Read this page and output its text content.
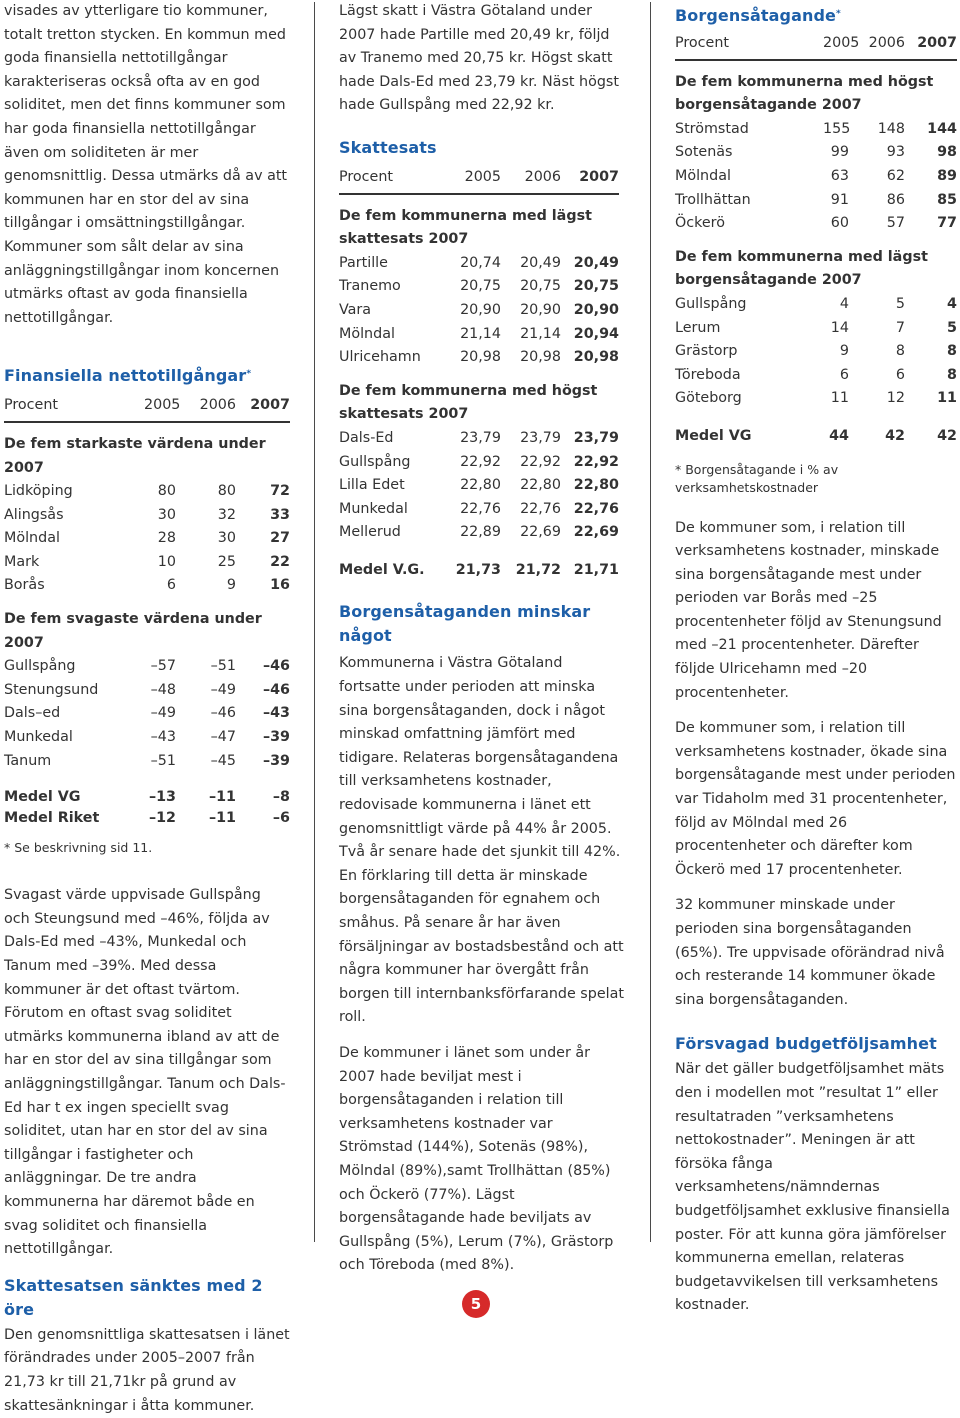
visades av ytterligare tio kommuner, totalt tretton stycken. En kommun med goda finansiella nettotillgångar karakteriseras också ofta av en god soliditet, men det finns kommuner som har goda finansiella nettotillgångar även om soliditeten är mer genomsnittlig. Dessa utmärks då av att kommunen har en stor del av sina tillgångar i omsättningstillgångar.

Kommuner som sålt delar av sina anläggningstillgångar inom koncernen utmärks oftast av goda finansiella nettotillgångar.

Finansiella nettotillgångar*
Procent	2005	2006 2007
De fem starkaste värdena under 2007
Lidköping	80	80	72
Alingsås	30	32	33
Mölndal	28	30	27
Mark	10	25	22
Borås	6	9	16
De fem svagaste värdena under 2007
Gullspång	–57	–51	–46
Stenungsund	–48	–49	–46
Dals–ed	–49	–46	–43
Munkedal	–43	–47	–39
Tanum	–51	–45	–39
Medel VG	–13	–11	–8
Medel Riket	–12	–11	–6
* Se beskrivning sid 11.

Svagast värde uppvisade Gullspång och Steungsund med –46%, följda av Dals-Ed med –43%, Munkedal och Tanum med –39%. Med dessa kommuner är det oftast tvärtom. Förutom en oftast svag soliditet utmärks kommunerna ibland av att de har en stor del av sina tillgångar som anläggningstillgångar. Tanum och Dals-Ed har t ex ingen speciellt svag soliditet, utan har en stor del av sina tillgångar i fastigheter och anläggningar. De tre andra kommunerna har däremot både en svag soliditet och finansiella nettotillgångar.

Skattesatsen sänktes med 2 öre

Den genomsnittliga skattesatsen i länet förändrades under 2005–2007 från 21,73 kr till 21,71kr på grund av skattesänkningar i åtta kommuner.

Lägst skatt i Västra Götaland under 2007 hade Partille med 20,49 kr, följd av Tranemo med 20,75 kr. Högst skatt hade Dals-Ed med 23,79 kr. Näst högst hade Gullspång med 22,92 kr.

Skattesats
Procent	2005	2006	2007
De fem kommunerna med lägst skattesats 2007
Partille	20,74	20,49 20,49
Tranemo	20,75	20,75 20,75
Vara	20,90	20,90 20,90
Mölndal	21,14	21,14 20,94
Ulricehamn	20,98	20,98 20,98
De fem kommunerna med högst skattesats 2007
Dals-Ed	23,79	23,79 23,79
Gullspång	22,92	22,92 22,92
Lilla Edet	22,80	22,80 22,80
Munkedal	22,76	22,76 22,76
Mellerud	22,89	22,69 22,69
Medel V.G.	21,73	21,72 21,71
Borgensåtaganden minskar något

Kommunerna i Västra Götaland fortsatte under perioden att minska sina borgensåtaganden, dock i något minskad omfattning jämfört med tidigare. Relateras borgensåtagandena till verksamhetens kostnader, redovisade kommunerna i länet ett genomsnittligt värde på 44% år 2005. Två år senare hade det sjunkit till 42%. En förklaring till detta är minskade borgensåtaganden för egnahem och småhus. På senare år har även försäljningar av bostadsbestånd och att några kommuner har övergått från borgen till internbanksförfarande spelat roll.

De kommuner i länet som under år 2007 hade beviljat mest i borgensåtaganden i relation till verksamhetens kostnader var Strömstad (144%), Sotenäs (98%), Mölndal (89%),samt Trollhättan (85%) och Öckerö (77%). Lägst borgensåtagande hade beviljats av Gullspång (5%), Lerum (7%), Grästorp och Töreboda (med 8%).

Borgensåtagande*
Procent	2005 2006 2007
De fem kommunerna med högst borgensåtagande 2007
Strömstad	155	148	144
Sotenäs	99	93	98
Mölndal	63	62	89
Trollhättan	91	86	85
Öckerö	60	57	77
De fem kommunerna med lägst borgensåtagande 2007
Gullspång	4	5	4
Lerum	14	7	5
Grästorp	9	8	8
Töreboda	6	6	8
Göteborg	11	12	11
Medel VG	44	42	42
* Borgensåtagande i % av verksamhetskostnader

De kommuner som, i relation till verksamhetens kostnader, minskade sina borgensåtagande mest under perioden var Borås med –25 procentenheter följd av Stenungsund med –21 procentenheter. Därefter följde Ulricehamn med –20 procentenheter.

De kommuner som, i relation till verksamhetens kostnader, ökade sina borgensåtagande mest under perioden var Tidaholm med 31 procentenheter, följd av Mölndal med 26 procentenheter och därefter kom Öckerö med 17 procentenheter.

32 kommuner minskade under perioden sina borgensåtaganden (65%). Tre uppvisade oförändrad nivå och resterande 14 kommuner ökade sina borgensåtaganden.

Försvagad budgetföljsamhet

När det gäller budgetföljsamhet mäts den i modellen mot ”resultat 1” eller resultatraden ”verksamhetens nettokostnader”. Meningen är att försöka fånga verksamhetens/nämndernas budgetföljsamhet exklusive finansiella poster. För att kunna göra jämförelser kommunerna emellan, relateras budgetavvikelsen till verksamhetens kostnader.

5
